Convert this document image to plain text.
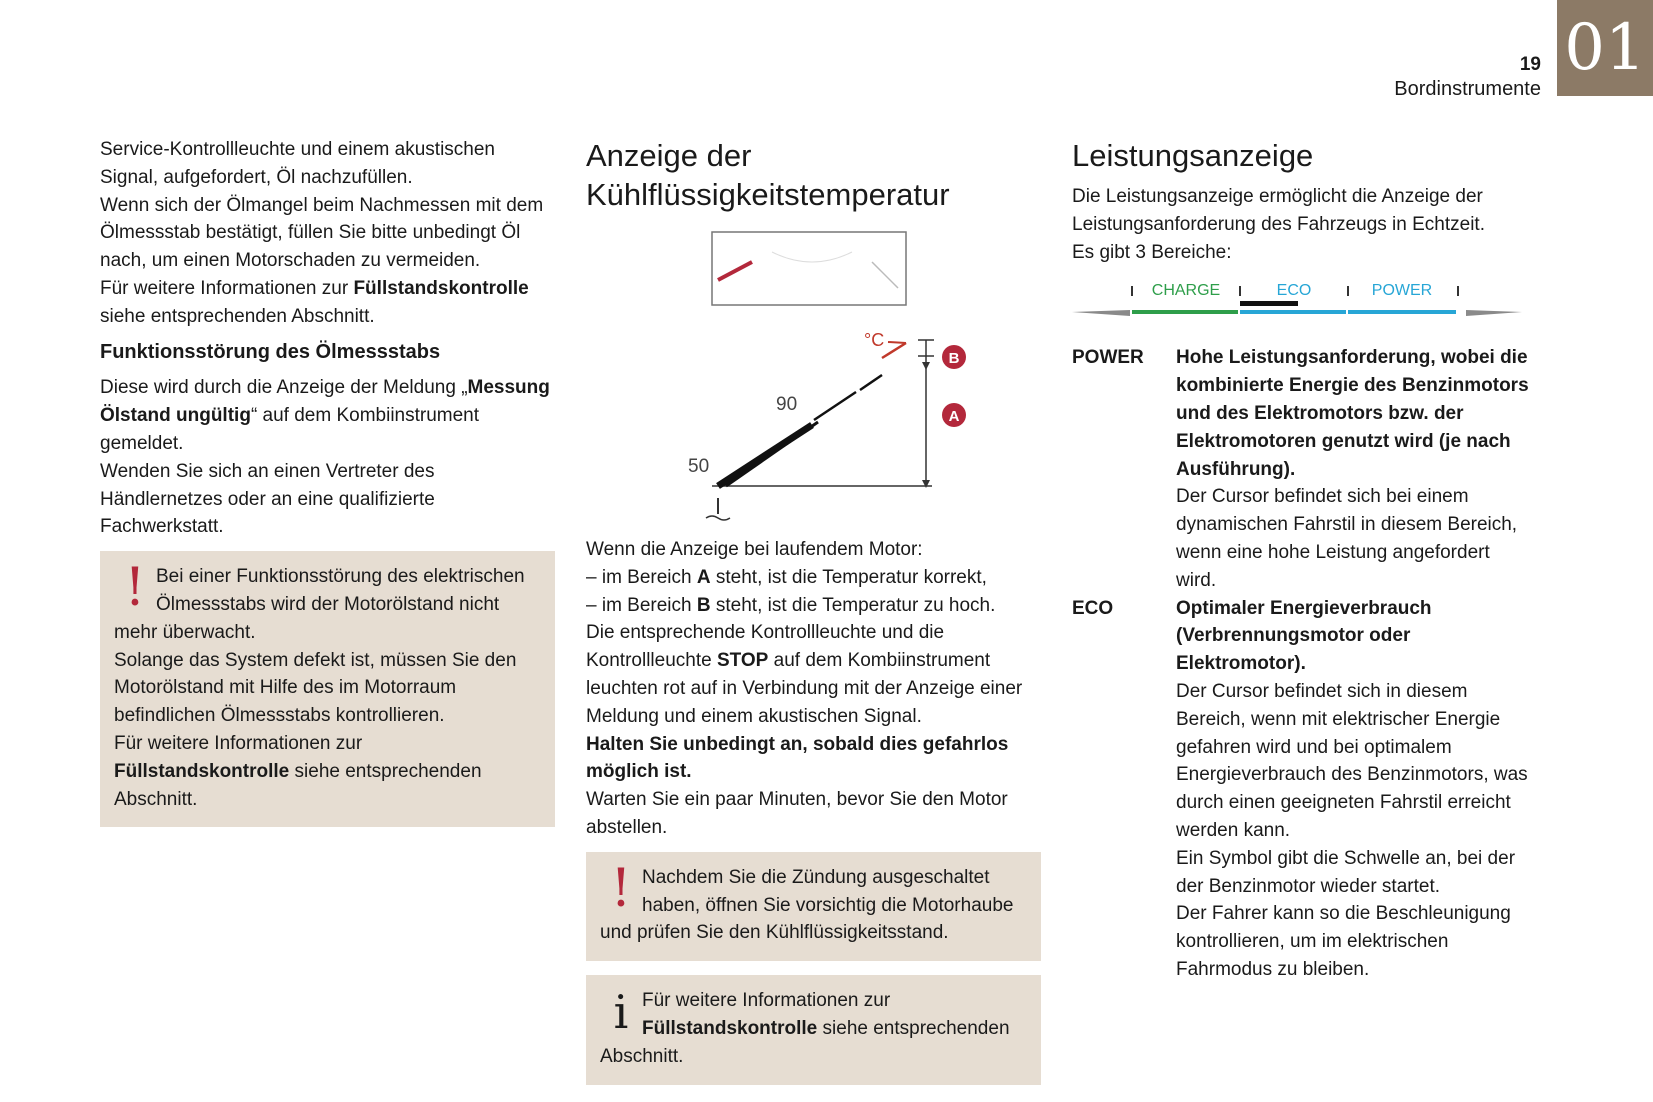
19
Bordinstrumente
01

Service-Kontrollleuchte und einem akustischen Signal, aufgefordert, Öl nachzufüllen.

Wenn sich der Ölmangel beim Nachmessen mit dem Ölmessstab bestätigt, füllen Sie bitte unbedingt Öl nach, um einen Motorschaden zu vermeiden.

Für weitere Informationen zur Füllstandskontrolle siehe entsprechenden Abschnitt.

Funktionsstörung des Ölmessstabs

Diese wird durch die Anzeige der Meldung „Messung Ölstand ungültig“ auf dem Kombiinstrument gemeldet.

Wenden Sie sich an einen Vertreter des Händlernetzes oder an eine qualifizierte Fachwerkstatt.

! Bei einer Funktionsstörung des elektrischen Ölmessstabs wird der Motorölstand nicht mehr überwacht.

Solange das System defekt ist, müssen Sie den Motorölstand mit Hilfe des im Motorraum befindlichen Ölmessstabs kontrollieren.

Für weitere Informationen zur Füllstandskontrolle siehe entsprechenden Abschnitt.

Anzeige der Kühlflüssigkeitstemperatur
°C
90
50
B
A

Wenn die Anzeige bei laufendem Motor:

– im Bereich A steht, ist die Temperatur korrekt,

– im Bereich B steht, ist die Temperatur zu hoch.

Die entsprechende Kontrollleuchte und die Kontrollleuchte STOP auf dem Kombiinstrument leuchten rot auf in Verbindung mit der Anzeige einer Meldung und einem akustischen Signal.

Halten Sie unbedingt an, sobald dies gefahrlos möglich ist.

Warten Sie ein paar Minuten, bevor Sie den Motor abstellen.

! Nachdem Sie die Zündung ausgeschaltet haben, öffnen Sie vorsichtig die Motorhaube und prüfen Sie den Kühlflüssigkeitsstand.

i Für weitere Informationen zur Füllstandskontrolle siehe entsprechenden Abschnitt.

Leistungsanzeige

Die Leistungsanzeige ermöglicht die Anzeige der Leistungsanforderung des Fahrzeugs in Echtzeit.

Es gibt 3 Bereiche:

CHARGE	ECO	POWER
POWER	Hohe Leistungsanforderung, wobei die kombinierte Energie des Benzinmotors und des Elektromotors bzw. der Elektromotoren genutzt wird (je nach Ausführung).

Der Cursor befindet sich bei einem dynamischen Fahrstil in diesem Bereich, wenn eine hohe Leistung angefordert wird.

ECO	Optimaler Energieverbrauch (Verbrennungsmotor oder Elektromotor).

Der Cursor befindet sich in diesem Bereich, wenn mit elektrischer Energie gefahren wird und bei optimalem Energieverbrauch des Benzinmotors, was durch einen geeigneten Fahrstil erreicht werden kann.

Ein Symbol gibt die Schwelle an, bei der der Benzinmotor wieder startet.

Der Fahrer kann so die Beschleunigung kontrollieren, um im elektrischen Fahrmodus zu bleiben.
